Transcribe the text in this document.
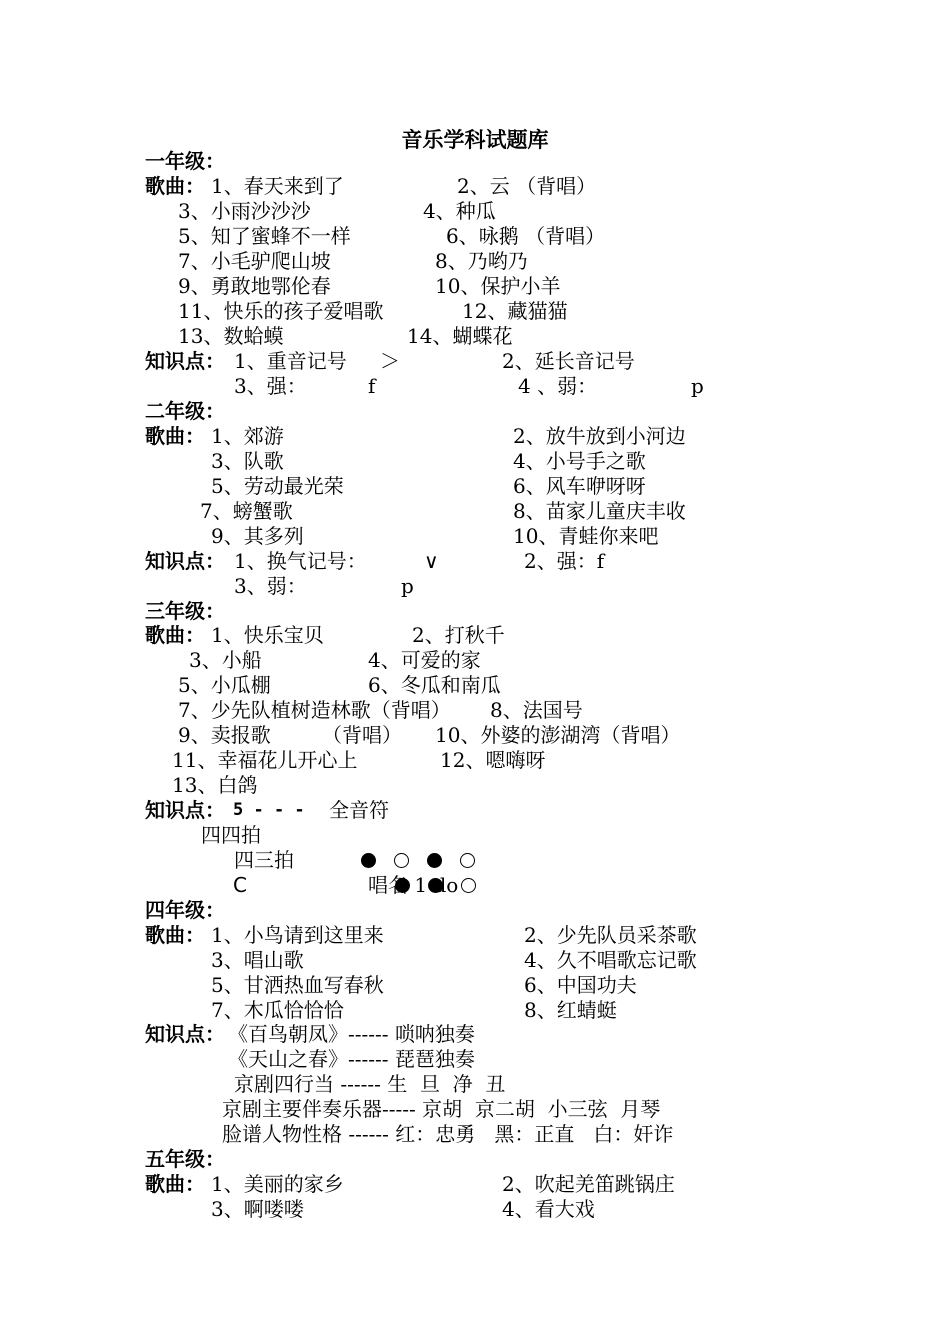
音乐学科试题库
一年级：
歌曲： 1、春天来到了	2、云 （背唱）
3、小雨沙沙沙	4、种瓜
5、知了蜜蜂不一样	6、咏鹅 （背唱）
7、小毛驴爬山坡	8、乃哟乃
9、勇敢地鄂伦春	10、保护小羊
11、快乐的孩子爱唱歌	12、藏猫猫
13、数蛤蟆	14、蝴蝶花
知识点： 1、重音记号 ＞	2、延长音记号
3、强：	f	4 、弱：	p
二年级：
歌曲： 1、郊游	2、放牛放到小河边
3、队歌	4、小号手之歌
5、劳动最光荣	6、风车咿呀呀
7、螃蟹歌	8、苗家儿童庆丰收
9、其多列	10、青蛙你来吧
知识点： 1、换气记号：	∨	2、强：f
3、弱：	p
三年级：
歌曲： 1、快乐宝贝	2、打秋千
3、小船	4、可爱的家
5、小瓜棚	6、冬瓜和南瓜
7、少先队植树造林歌（背唱） 8、法国号
9、卖报歌	（背唱） 10、外婆的澎湖湾（背唱）
11、幸福花儿开心上	12、嗯嗨呀
13、白鸽
知识点： 5 - - - 全音符
四四拍

四三拍

C	唱名 1 do
四年级：
歌曲： 1、小鸟请到这里来	2、少先队员采茶歌
3、唱山歌	4、久不唱歌忘记歌
5、甘洒热血写春秋	6、中国功夫
7、木瓜恰恰恰	8、红蜻蜓
知识点： 《百鸟朝凤》------ 唢呐独奏
《天山之春》------ 琵琶独奏
京剧四行当 ------ 生  旦  净  丑
京剧主要伴奏乐器----- 京胡  京二胡  小三弦  月琴
脸谱人物性格 ------ 红：忠勇   黑：正直   白：奸诈
五年级：
歌曲： 1、美丽的家乡	2、吹起羌笛跳锅庄
3、啊喽喽	4、看大戏
